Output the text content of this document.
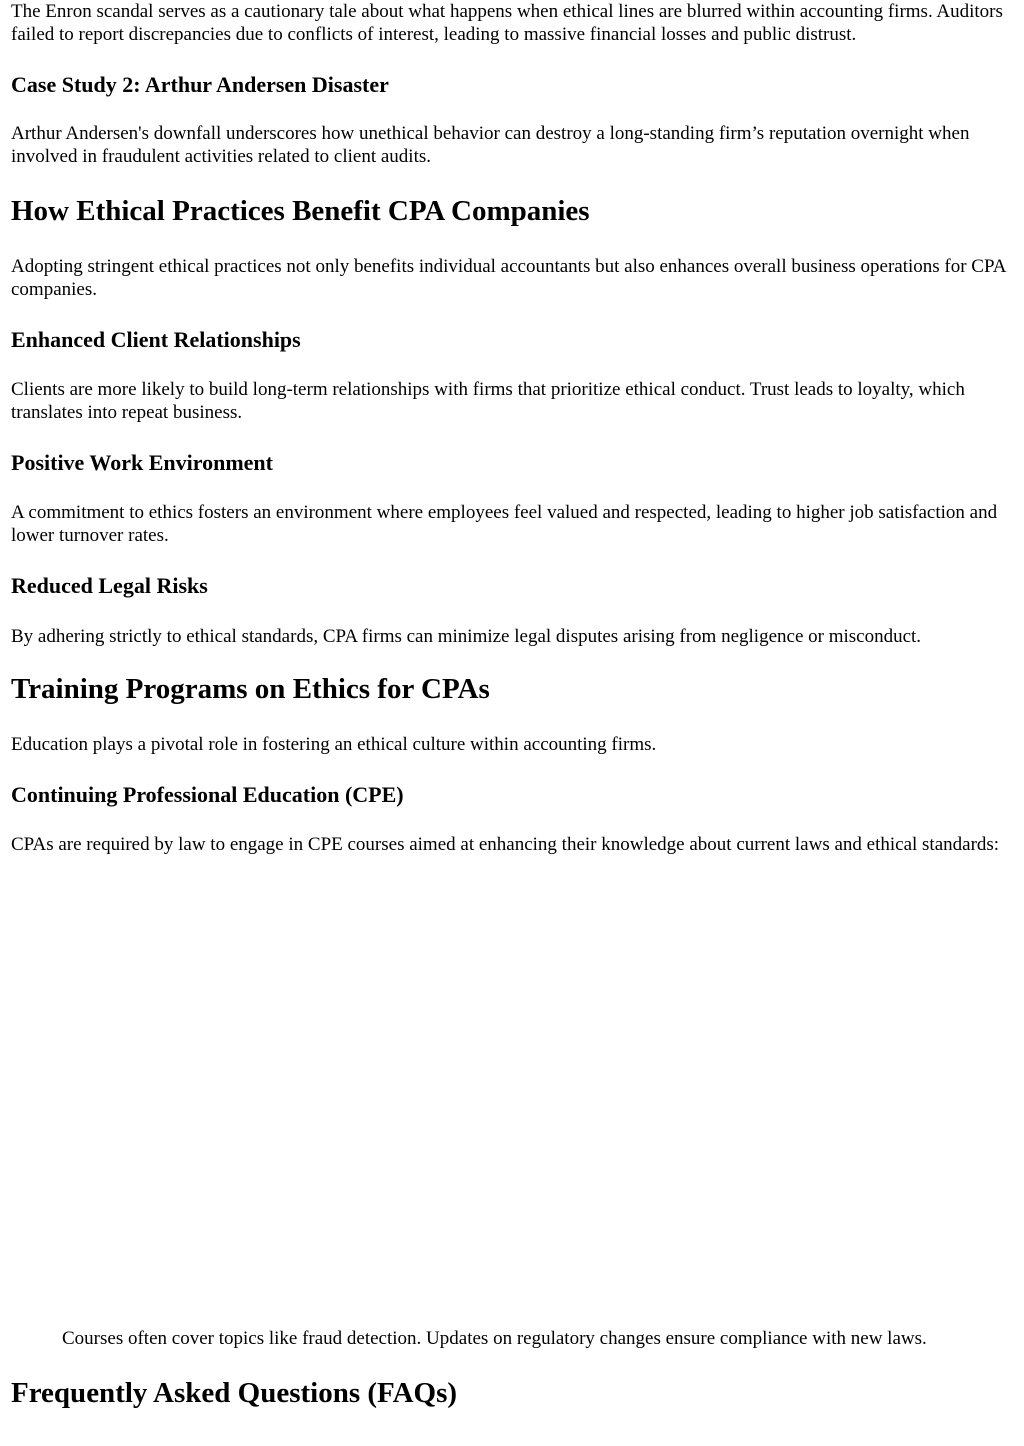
The Enron scandal serves as a cautionary tale about what happens when ethical lines are blurred within accounting firms. Auditors failed to report discrepancies due to conflicts of interest, leading to massive financial losses and public distrust.

Case Study 2: Arthur Andersen Disaster

Arthur Andersen's downfall underscores how unethical behavior can destroy a long-standing firm’s reputation overnight when involved in fraudulent activities related to client audits.

How Ethical Practices Benefit CPA Companies

Adopting stringent ethical practices not only benefits individual accountants but also enhances overall business operations for CPA companies.

Enhanced Client Relationships

Clients are more likely to build long-term relationships with firms that prioritize ethical conduct. Trust leads to loyalty, which translates into repeat business.

Positive Work Environment

A commitment to ethics fosters an environment where employees feel valued and respected, leading to higher job satisfaction and lower turnover rates.

Reduced Legal Risks

By adhering strictly to ethical standards, CPA firms can minimize legal disputes arising from negligence or misconduct.

Training Programs on Ethics for CPAs

Education plays a pivotal role in fostering an ethical culture within accounting firms.

Continuing Professional Education (CPE)

CPAs are required by law to engage in CPE courses aimed at enhancing their knowledge about current laws and ethical standards:

Courses often cover topics like fraud detection. Updates on regulatory changes ensure compliance with new laws.

Frequently Asked Questions (FAQs)
